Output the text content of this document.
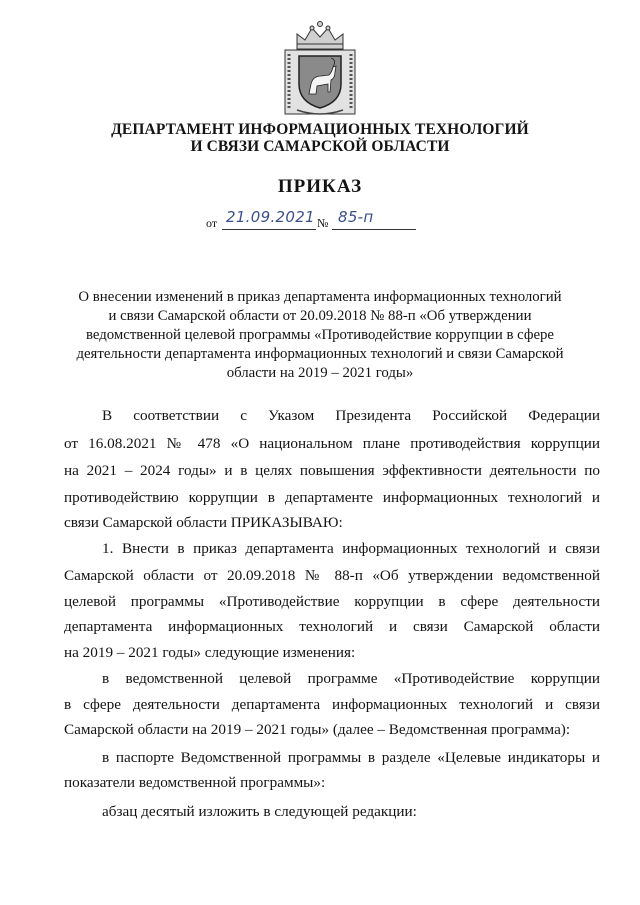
ДЕПАРТАМЕНТ ИНФОРМАЦИОННЫХ ТЕХНОЛОГИЙ
И СВЯЗИ САМАРСКОЙ ОБЛАСТИ
ПРИКАЗ
от 21.09.2021 № 85-п
О внесении изменений в приказ департамента информационных технологий
и связи Самарской области от 20.09.2018 № 88-п «Об утверждении
ведомственной целевой программы «Противодействие коррупции в сфере
деятельности департамента информационных технологий и связи Самарской
области на 2019 – 2021 годы»
В соответствии с Указом Президента Российской Федерации
от 16.08.2021 № 478 «О национальном плане противодействия коррупции
на 2021 – 2024 годы» и в целях повышения эффективности деятельности по
противодействию коррупции в департаменте информационных технологий и
связи Самарской области ПРИКАЗЫВАЮ:
1. Внести в приказ департамента информационных технологий и связи
Самарской области от 20.09.2018 № 88-п «Об утверждении ведомственной
целевой программы «Противодействие коррупции в сфере деятельности
департамента информационных технологий и связи Самарской области
на 2019 – 2021 годы» следующие изменения:
в ведомственной целевой программе «Противодействие коррупции
в сфере деятельности департамента информационных технологий и связи
Самарской области на 2019 – 2021 годы» (далее – Ведомственная программа):
в паспорте Ведомственной программы в разделе «Целевые индикаторы и
показатели ведомственной программы»:
абзац десятый изложить в следующей редакции:
